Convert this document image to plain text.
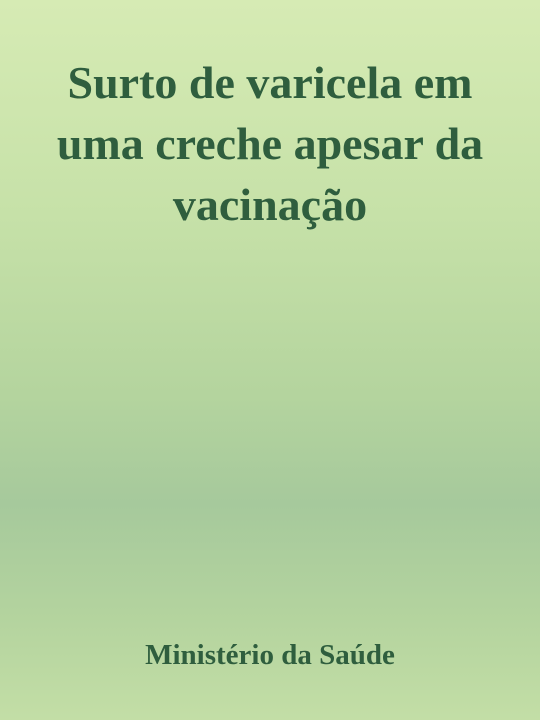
Surto de varicela em uma creche apesar da vacinação

Ministério da Saúde
